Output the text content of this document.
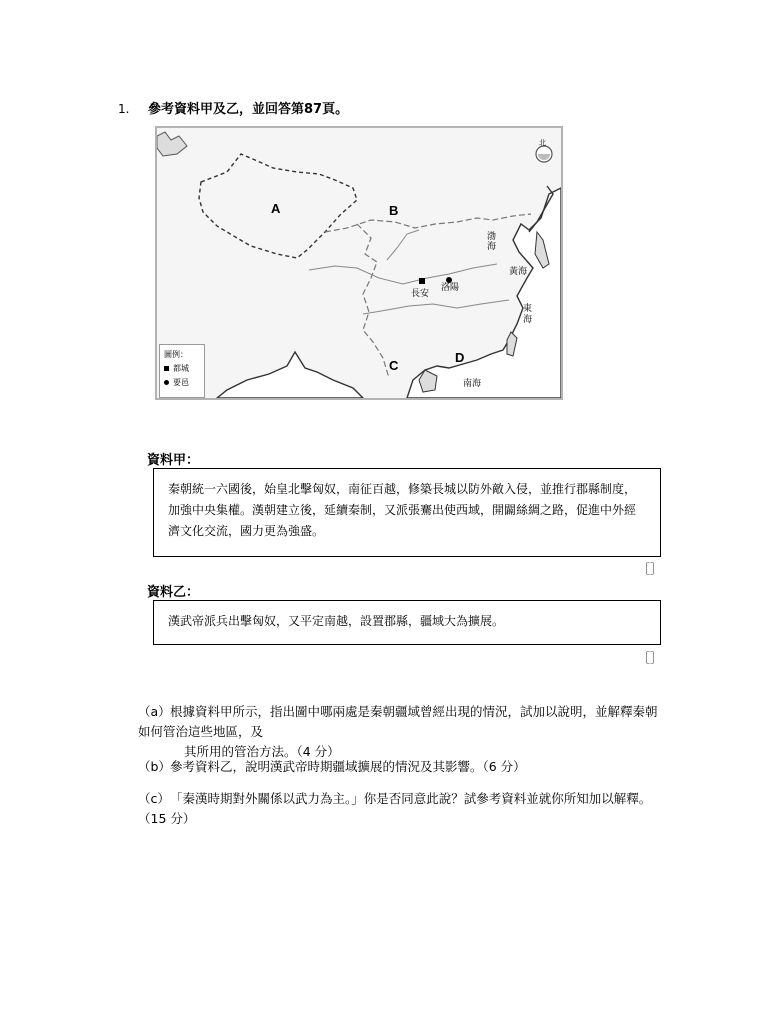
1. 參考資料甲及乙，並回答第87頁。
A	B
C
D
長安
洛陽
黃海
東海
南海
渤海
北
圖例：
都城
要邑
資料甲：
秦朝統一六國後，始皇北擊匈奴，南征百越，修築長城以防外敵入侵，並推行郡縣制度，加強中央集權。漢朝建立後，延續秦制，又派張騫出使西域，開闢絲綢之路，促進中外經濟文化交流，國力更為強盛。
［］
資料乙：
漢武帝派兵出擊匈奴，又平定南越，設置郡縣，疆域大為擴展。
［］
（a）根據資料甲所示，指出圖中哪兩處是秦朝疆域曾經出現的情況，試加以說明，並解釋秦朝如何管治這些地區，及
其所用的管治方法。（4 分）
（b）參考資料乙，說明漢武帝時期疆域擴展的情況及其影響。（6 分）
（c）「秦漢時期對外關係以武力為主。」你是否同意此說？試參考資料並就你所知加以解釋。（15 分）
